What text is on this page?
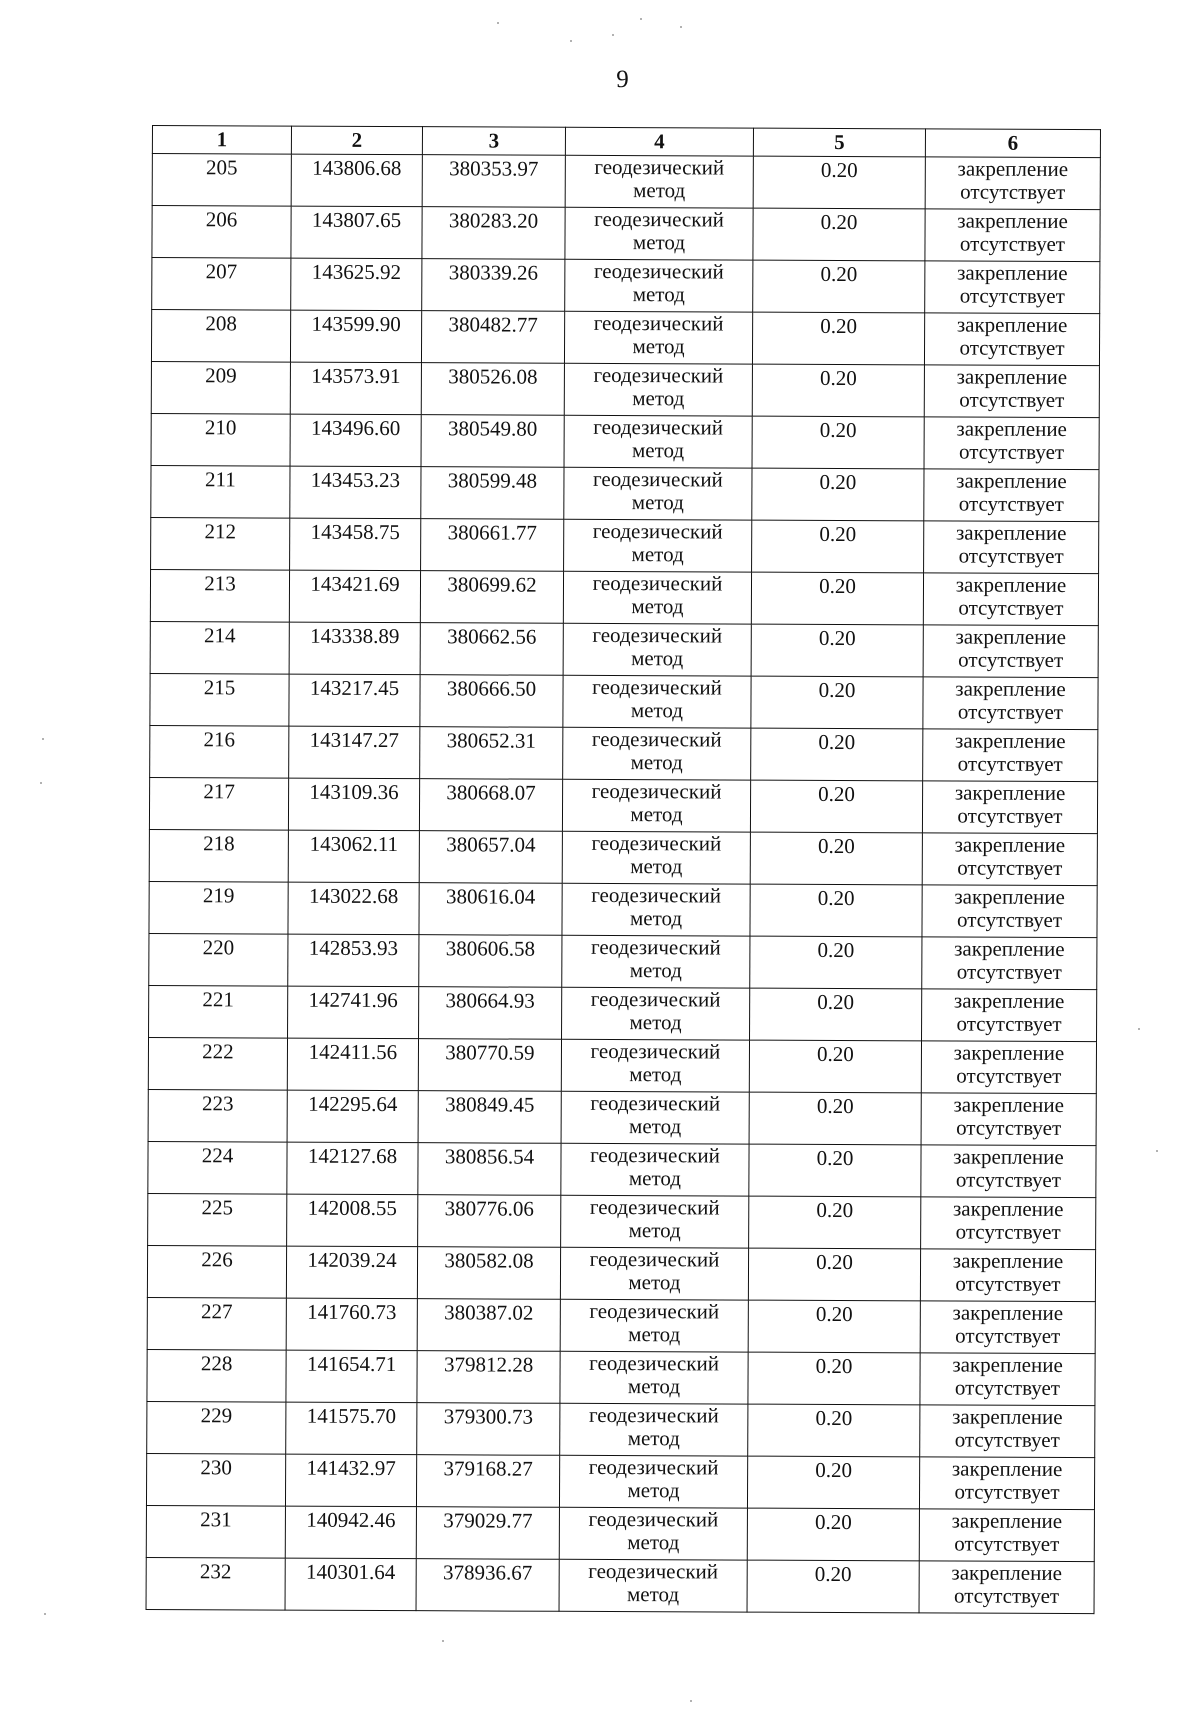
9
1	2	3	4	5	6
205	143806.68	380353.97	геодезический метод	0.20	закрепление отсутствует
206	143807.65	380283.20	геодезический метод	0.20	закрепление отсутствует
207	143625.92	380339.26	геодезический метод	0.20	закрепление отсутствует
208	143599.90	380482.77	геодезический метод	0.20	закрепление отсутствует
209	143573.91	380526.08	геодезический метод	0.20	закрепление отсутствует
210	143496.60	380549.80	геодезический метод	0.20	закрепление отсутствует
211	143453.23	380599.48	геодезический метод	0.20	закрепление отсутствует
212	143458.75	380661.77	геодезический метод	0.20	закрепление отсутствует
213	143421.69	380699.62	геодезический метод	0.20	закрепление отсутствует
214	143338.89	380662.56	геодезический метод	0.20	закрепление отсутствует
215	143217.45	380666.50	геодезический метод	0.20	закрепление отсутствует
216	143147.27	380652.31	геодезический метод	0.20	закрепление отсутствует
217	143109.36	380668.07	геодезический метод	0.20	закрепление отсутствует
218	143062.11	380657.04	геодезический метод	0.20	закрепление отсутствует
219	143022.68	380616.04	геодезический метод	0.20	закрепление отсутствует
220	142853.93	380606.58	геодезический метод	0.20	закрепление отсутствует
221	142741.96	380664.93	геодезический метод	0.20	закрепление отсутствует
222	142411.56	380770.59	геодезический метод	0.20	закрепление отсутствует
223	142295.64	380849.45	геодезический метод	0.20	закрепление отсутствует
224	142127.68	380856.54	геодезический метод	0.20	закрепление отсутствует
225	142008.55	380776.06	геодезический метод	0.20	закрепление отсутствует
226	142039.24	380582.08	геодезический метод	0.20	закрепление отсутствует
227	141760.73	380387.02	геодезический метод	0.20	закрепление отсутствует
228	141654.71	379812.28	геодезический метод	0.20	закрепление отсутствует
229	141575.70	379300.73	геодезический метод	0.20	закрепление отсутствует
230	141432.97	379168.27	геодезический метод	0.20	закрепление отсутствует
231	140942.46	379029.77	геодезический метод	0.20	закрепление отсутствует
232	140301.64	378936.67	геодезический метод	0.20	закрепление отсутствует
